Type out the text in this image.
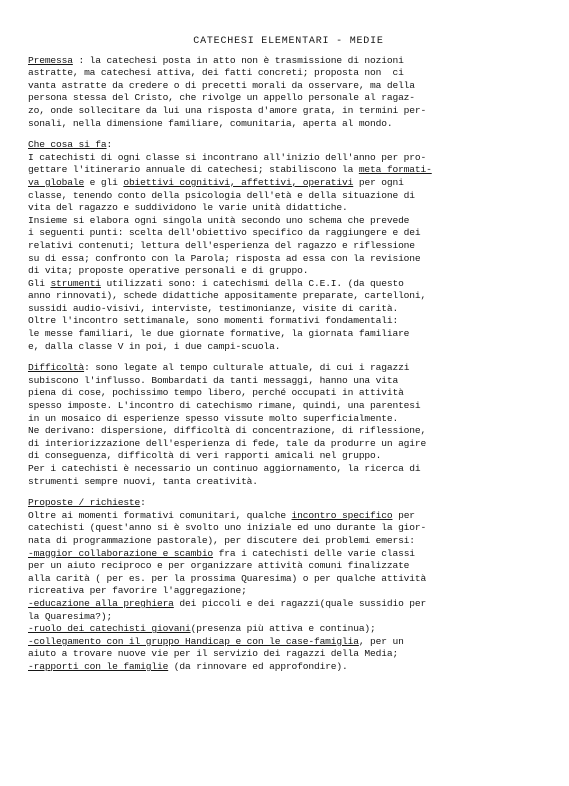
CATECHESI ELEMENTARI - MEDIE
Premessa : la catechesi posta in atto non è trasmissione di nozioni
astratte, ma catechesi attiva, dei fatti concreti; proposta non  ci
vanta astratte da credere o di precetti morali da osservare, ma della
persona stessa del Cristo, che rivolge un appello personale al ragaz-
zo, onde sollecitare da lui una risposta d'amore grata, in termini per-
sonali, nella dimensione familiare, comunitaria, aperta al mondo.
Che cosa si fa:
I catechisti di ogni classe si incontrano all'inizio dell'anno per pro-
gettare l'itinerario annuale di catechesi; stabiliscono la meta formati-
va globale e gli obiettivi cognitivi, affettivi, operativi per ogni
classe, tenendo conto della psicologia dell'età e della situazione di
vita del ragazzo e suddividono le varie unità didattiche.
Insieme si elabora ogni singola unità secondo uno schema che prevede
i seguenti punti: scelta dell'obiettivo specifico da raggiungere e dei
relativi contenuti; lettura dell'esperienza del ragazzo e riflessione
su di essa; confronto con la Parola; risposta ad essa con la revisione
di vita; proposte operative personali e di gruppo.
Gli strumenti utilizzati sono: i catechismi della C.E.I. (da questo
anno rinnovati), schede didattiche appositamente preparate, cartelloni,
sussidi audio-visivi, interviste, testimonianze, visite di carità.
Oltre l'incontro settimanale, sono momenti formativi fondamentali:
le messe familiari, le due giornate formative, la giornata familiare
e, dalla classe V in poi, i due campi-scuola.
Difficoltà: sono legate al tempo culturale attuale, di cui i ragazzi
subiscono l'influsso. Bombardati da tanti messaggi, hanno una vita
piena di cose, pochissimo tempo libero, perché occupati in attività
spesso imposte. L'incontro di catechismo rimane, quindi, una parentesi
in un mosaico di esperienze spesso vissute molto superficialmente.
Ne derivano: dispersione, difficoltà di concentrazione, di riflessione,
di interiorizzazione dell'esperienza di fede, tale da produrre un agire
di conseguenza, difficoltà di veri rapporti amicali nel gruppo.
Per i catechisti è necessario un continuo aggiornamento, la ricerca di
strumenti sempre nuovi, tanta creatività.
Proposte / richieste:
Oltre ai momenti formativi comunitari, qualche incontro specifico per
catechisti (quest'anno si è svolto uno iniziale ed uno durante la gior-
nata di programmazione pastorale), per discutere dei problemi emersi:
-maggior collaborazione e scambio fra i catechisti delle varie classi
per un aiuto reciproco e per organizzare attività comuni finalizzate
alla carità ( per es. per la prossima Quaresima) o per qualche attività
ricreativa per favorire l'aggregazione;
-educazione alla preghiera dei piccoli e dei ragazzi(quale sussidio per
la Quaresima?);
-ruolo dei catechisti giovani(presenza più attiva e continua);
-collegamento con il gruppo Handicap e con le case-famiglia, per un
aiuto a trovare nuove vie per il servizio dei ragazzi della Media;
-rapporti con le famiglie (da rinnovare ed approfondire).
